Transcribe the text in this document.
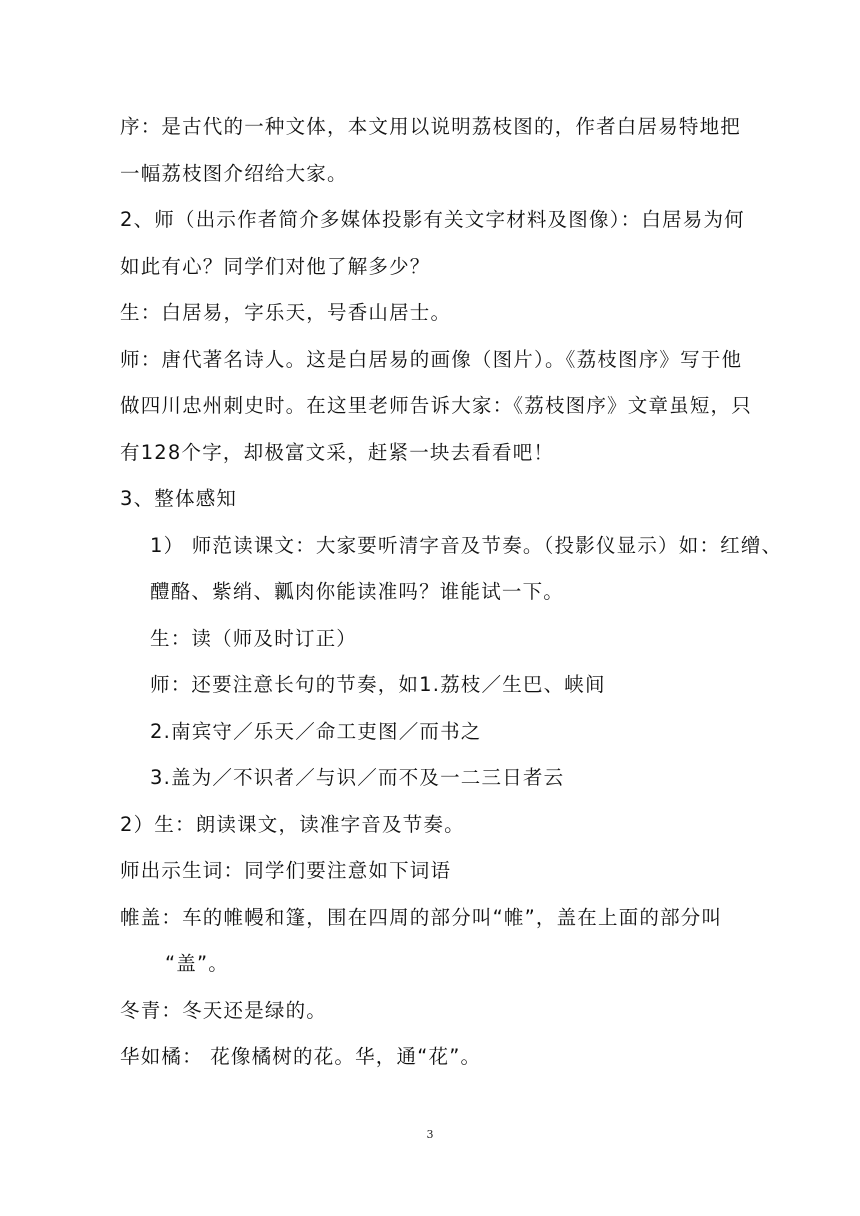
序：是古代的一种文体，本文用以说明荔枝图的，作者白居易特地把
一幅荔枝图介绍给大家。
2、师（出示作者简介多媒体投影有关文字材料及图像）：白居易为何
如此有心？同学们对他了解多少？
生：白居易，字乐天，号香山居士。
师：唐代著名诗人。这是白居易的画像（图片）。《荔枝图序》写于他
做四川忠州刺史时。在这里老师告诉大家：《荔枝图序》文章虽短，只
有128个字，却极富文采，赶紧一块去看看吧！
3、整体感知
1） 师范读课文：大家要听清字音及节奏。（投影仪显示）如：红缯、
醴酪、紫绡、瓤肉你能读准吗？谁能试一下。
生：读（师及时订正）
师：还要注意长句的节奏，如1.荔枝／生巴、峡间
2.南宾守／乐天／命工吏图／而书之
3.盖为／不识者／与识／而不及一二三日者云
2）生：朗读课文，读准字音及节奏。
师出示生词：同学们要注意如下词语
帷盖：车的帷幔和篷，围在四周的部分叫“帷”，盖在上面的部分叫
“盖”。
冬青：冬天还是绿的。
华如橘： 花像橘树的花。华，通“花”。
3
